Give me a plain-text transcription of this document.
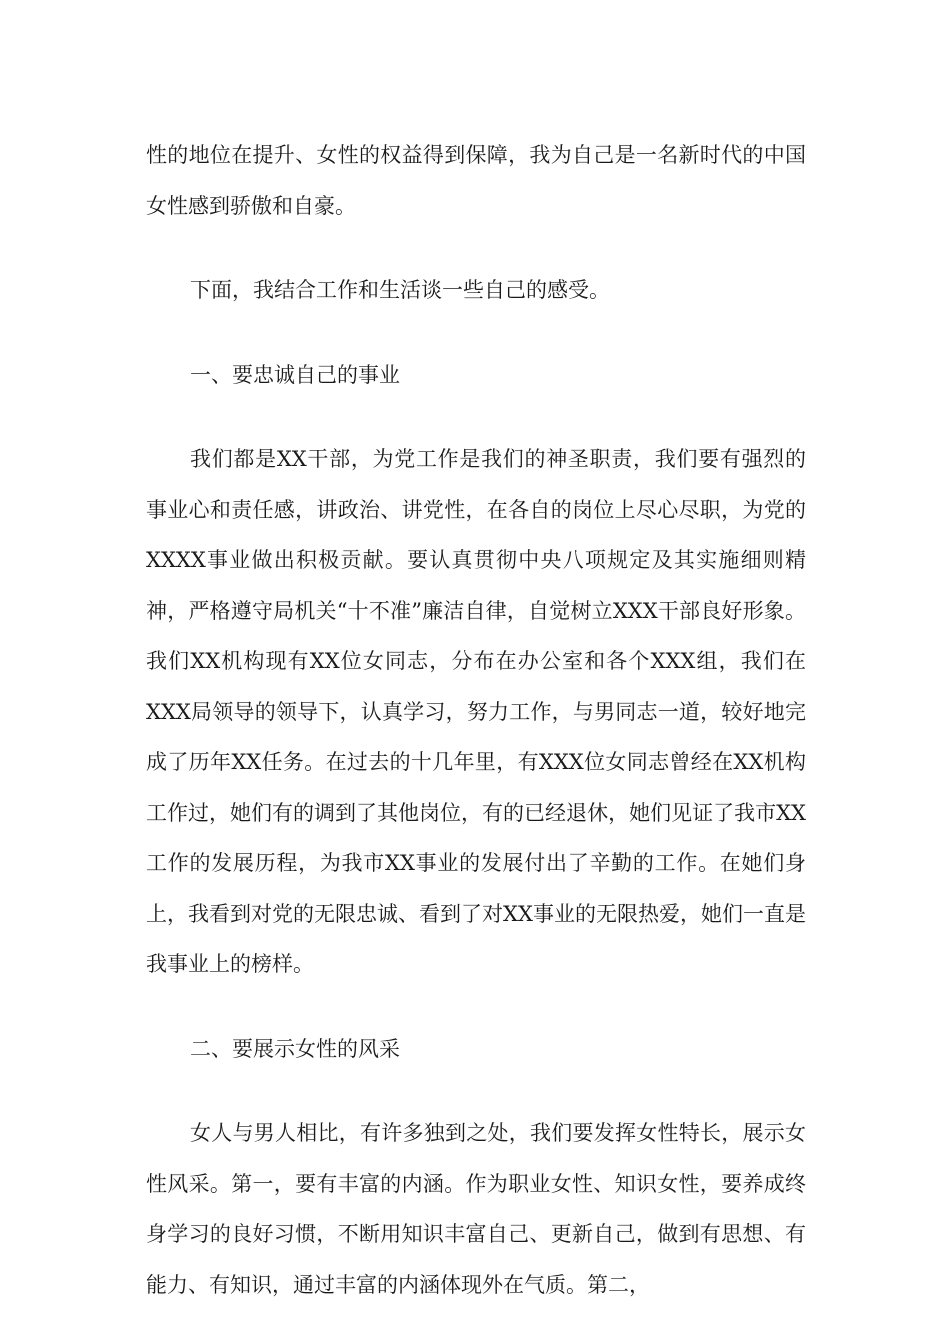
性的地位在提升、女性的权益得到保障，我为自己是一名新时代的中国女性感到骄傲和自豪。

下面，我结合工作和生活谈一些自己的感受。

一、要忠诚自己的事业

我们都是XX干部，为党工作是我们的神圣职责，我们要有强烈的事业心和责任感，讲政治、讲党性，在各自的岗位上尽心尽职，为党的XXXX事业做出积极贡献。要认真贯彻中央八项规定及其实施细则精神，严格遵守局机关“十不准”廉洁自律，自觉树立XXX干部良好形象。我们XX机构现有XX位女同志，分布在办公室和各个XXX组，我们在XXX局领导的领导下，认真学习，努力工作，与男同志一道，较好地完成了历年XX任务。在过去的十几年里，有XXX位女同志曾经在XX机构工作过，她们有的调到了其他岗位，有的已经退休，她们见证了我市XX工作的发展历程，为我市XX事业的发展付出了辛勤的工作。在她们身上，我看到对党的无限忠诚、看到了对XX事业的无限热爱，她们一直是我事业上的榜样。

二、要展示女性的风采

女人与男人相比，有许多独到之处，我们要发挥女性特长，展示女性风采。第一，要有丰富的内涵。作为职业女性、知识女性，要养成终身学习的良好习惯，不断用知识丰富自己、更新自己，做到有思想、有能力、有知识，通过丰富的内涵体现外在气质。第二，
